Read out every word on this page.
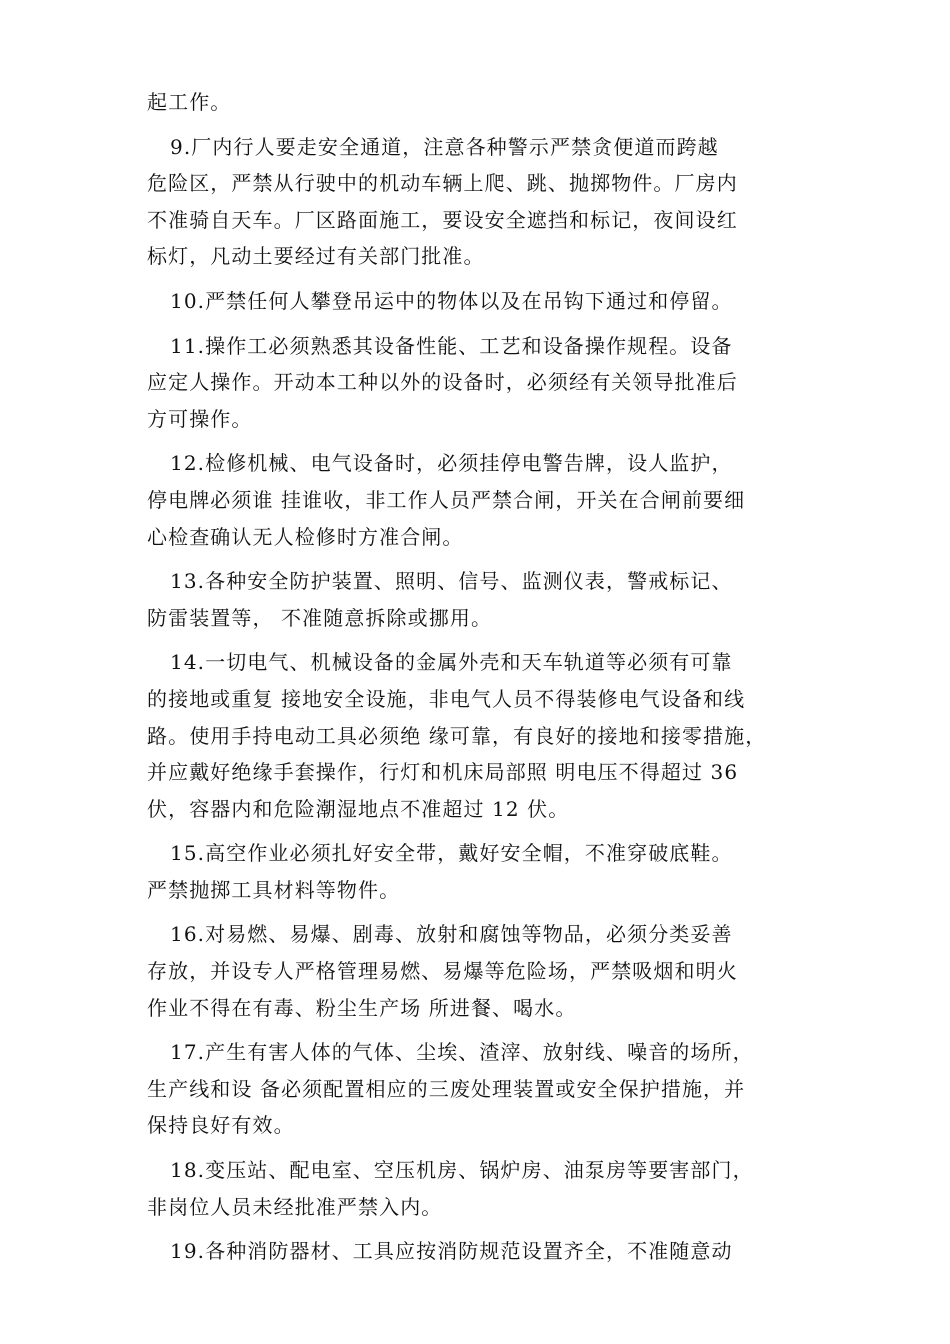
起工作。
9.厂内行人要走安全通道，注意各种警示严禁贪便道而跨越
危险区，严禁从行驶中的机动车辆上爬、跳、抛掷物件。厂房内
不准骑自天车。厂区路面施工，要设安全遮挡和标记，夜间设红
标灯，凡动土要经过有关部门批准。
10.严禁任何人攀登吊运中的物体以及在吊钩下通过和停留。
11.操作工必须熟悉其设备性能、工艺和设备操作规程。设备
应定人操作。开动本工种以外的设备时，必须经有关领导批准后
方可操作。
12.检修机械、电气设备时，必须挂停电警告牌，设人监护，
停电牌必须谁 挂谁收，非工作人员严禁合闸，开关在合闸前要细
心检查确认无人检修时方准合闸。
13.各种安全防护装置、照明、信号、监测仪表，警戒标记、
防雷装置等， 不准随意拆除或挪用。
14.一切电气、机械设备的金属外壳和天车轨道等必须有可靠
的接地或重复 接地安全设施，非电气人员不得装修电气设备和线
路。使用手持电动工具必须绝 缘可靠，有良好的接地和接零措施，
并应戴好绝缘手套操作，行灯和机床局部照 明电压不得超过 36
伏，容器内和危险潮湿地点不准超过 12 伏。
15.高空作业必须扎好安全带，戴好安全帽，不准穿破底鞋。
严禁抛掷工具材料等物件。
16.对易燃、易爆、剧毒、放射和腐蚀等物品，必须分类妥善
存放，并设专人严格管理易燃、易爆等危险场，严禁吸烟和明火
作业不得在有毒、粉尘生产场 所进餐、喝水。
17.产生有害人体的气体、尘埃、渣滓、放射线、噪音的场所，
生产线和设 备必须配置相应的三废处理装置或安全保护措施，并
保持良好有效。
18.变压站、配电室、空压机房、锅炉房、油泵房等要害部门，
非岗位人员未经批准严禁入内。
19.各种消防器材、工具应按消防规范设置齐全，不准随意动
